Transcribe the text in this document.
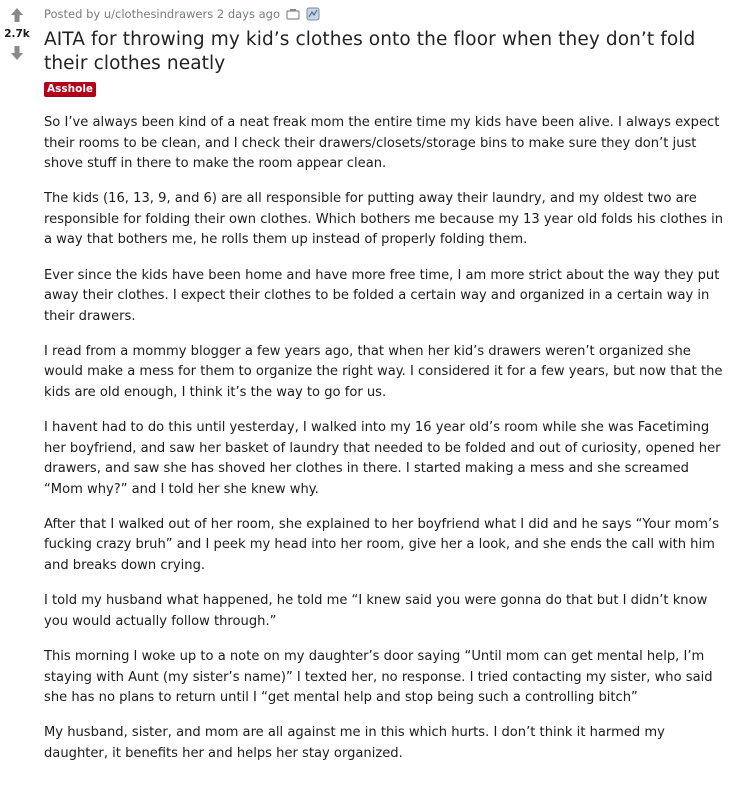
2.7k
Posted by u/clothesindrawers 2 days ago
AITA for throwing my kid’s clothes onto the floor when they don’t fold their clothes neatly
Asshole

So I’ve always been kind of a neat freak mom the entire time my kids have been alive. I always expect their rooms to be clean, and I check their drawers/closets/storage bins to make sure they don’t just shove stuff in there to make the room appear clean.

The kids (16, 13, 9, and 6) are all responsible for putting away their laundry, and my oldest two are responsible for folding their own clothes. Which bothers me because my 13 year old folds his clothes in a way that bothers me, he rolls them up instead of properly folding them.

Ever since the kids have been home and have more free time, I am more strict about the way they put away their clothes. I expect their clothes to be folded a certain way and organized in a certain way in their drawers.

I read from a mommy blogger a few years ago, that when her kid’s drawers weren’t organized she would make a mess for them to organize the right way. I considered it for a few years, but now that the kids are old enough, I think it’s the way to go for us.

I havent had to do this until yesterday, I walked into my 16 year old’s room while she was Facetiming her boyfriend, and saw her basket of laundry that needed to be folded and out of curiosity, opened her drawers, and saw she has shoved her clothes in there. I started making a mess and she screamed “Mom why?” and I told her she knew why.

After that I walked out of her room, she explained to her boyfriend what I did and he says “Your mom’s fucking crazy bruh” and I peek my head into her room, give her a look, and she ends the call with him and breaks down crying.

I told my husband what happened, he told me “I knew said you were gonna do that but I didn’t know you would actually follow through.”

This morning I woke up to a note on my daughter’s door saying “Until mom can get mental help, I’m staying with Aunt (my sister’s name)” I texted her, no response. I tried contacting my sister, who said she has no plans to return until I “get mental help and stop being such a controlling bitch”

My husband, sister, and mom are all against me in this which hurts. I don’t think it harmed my daughter, it benefits her and helps her stay organized.
